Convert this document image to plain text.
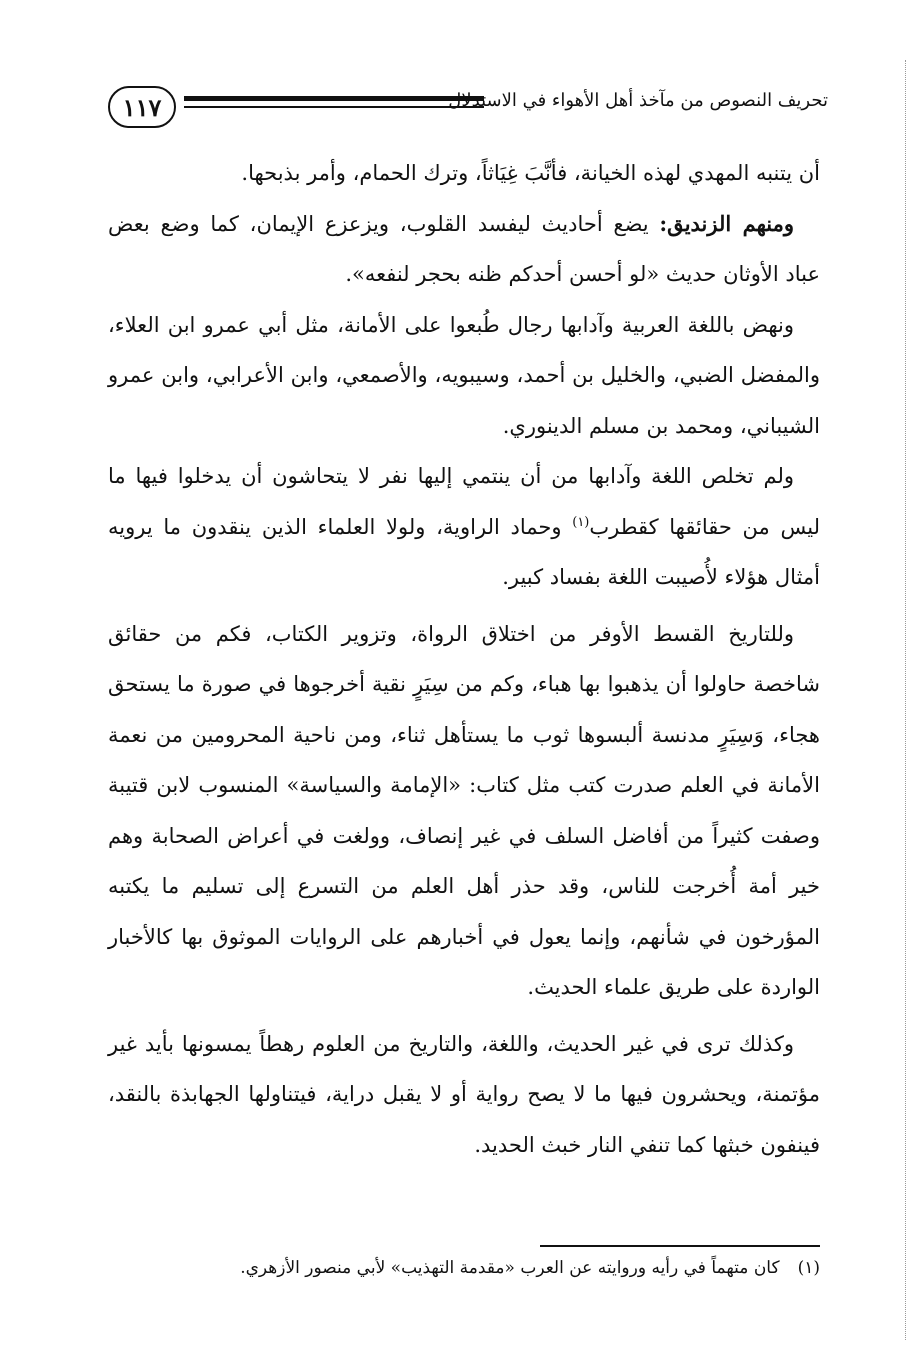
١١٧	تحريف النصوص من مآخذ أهل الأهواء في الاستدلال

أن يتنبه المهدي لهذه الخيانة، فأنَّبَ غِيَاثاً، وترك الحمام، وأمر بذبحها.

ومنهم الزنديق: يضع أحاديث ليفسد القلوب، ويزعزع الإيمان، كما وضع بعض عباد الأوثان حديث «لو أحسن أحدكم ظنه بحجر لنفعه».

ونهض باللغة العربية وآدابها رجال طُبعوا على الأمانة، مثل أبي عمرو ابن العلاء، والمفضل الضبي، والخليل بن أحمد، وسيبويه، والأصمعي، وابن الأعرابي، وابن عمرو الشيباني، ومحمد بن مسلم الدينوري.

ولم تخلص اللغة وآدابها من أن ينتمي إليها نفر لا يتحاشون أن يدخلوا فيها ما ليس من حقائقها كقطرب$^{(١)}$ وحماد الراوية، ولولا العلماء الذين ينقدون ما يرويه أمثال هؤلاء لأُصيبت اللغة بفساد كبير.

وللتاريخ القسط الأوفر من اختلاق الرواة، وتزوير الكتاب، فكم من حقائق شاخصة حاولوا أن يذهبوا بها هباء، وكم من سِيَرٍ نقية أخرجوها في صورة ما يستحق هجاء، وَسِيَرٍ مدنسة ألبسوها ثوب ما يستأهل ثناء، ومن ناحية المحرومين من نعمة الأمانة في العلم صدرت كتب مثل كتاب: «الإمامة والسياسة» المنسوب لابن قتيبة وصفت كثيراً من أفاضل السلف في غير إنصاف، وولغت في أعراض الصحابة وهم خير أمة أُخرجت للناس، وقد حذر أهل العلم من التسرع إلى تسليم ما يكتبه المؤرخون في شأنهم، وإنما يعول في أخبارهم على الروايات الموثوق بها كالأخبار الواردة على طريق علماء الحديث.

وكذلك ترى في غير الحديث، واللغة، والتاريخ من العلوم رهطاً يمسونها بأيد غير مؤتمنة، ويحشرون فيها ما لا يصح رواية أو لا يقبل دراية، فيتناولها الجهابذة بالنقد، فينفون خبثها كما تنفي النار خبث الحديد.

(١)كان متهماً في رأيه وروايته عن العرب «مقدمة التهذيب» لأبي منصور الأزهري.
